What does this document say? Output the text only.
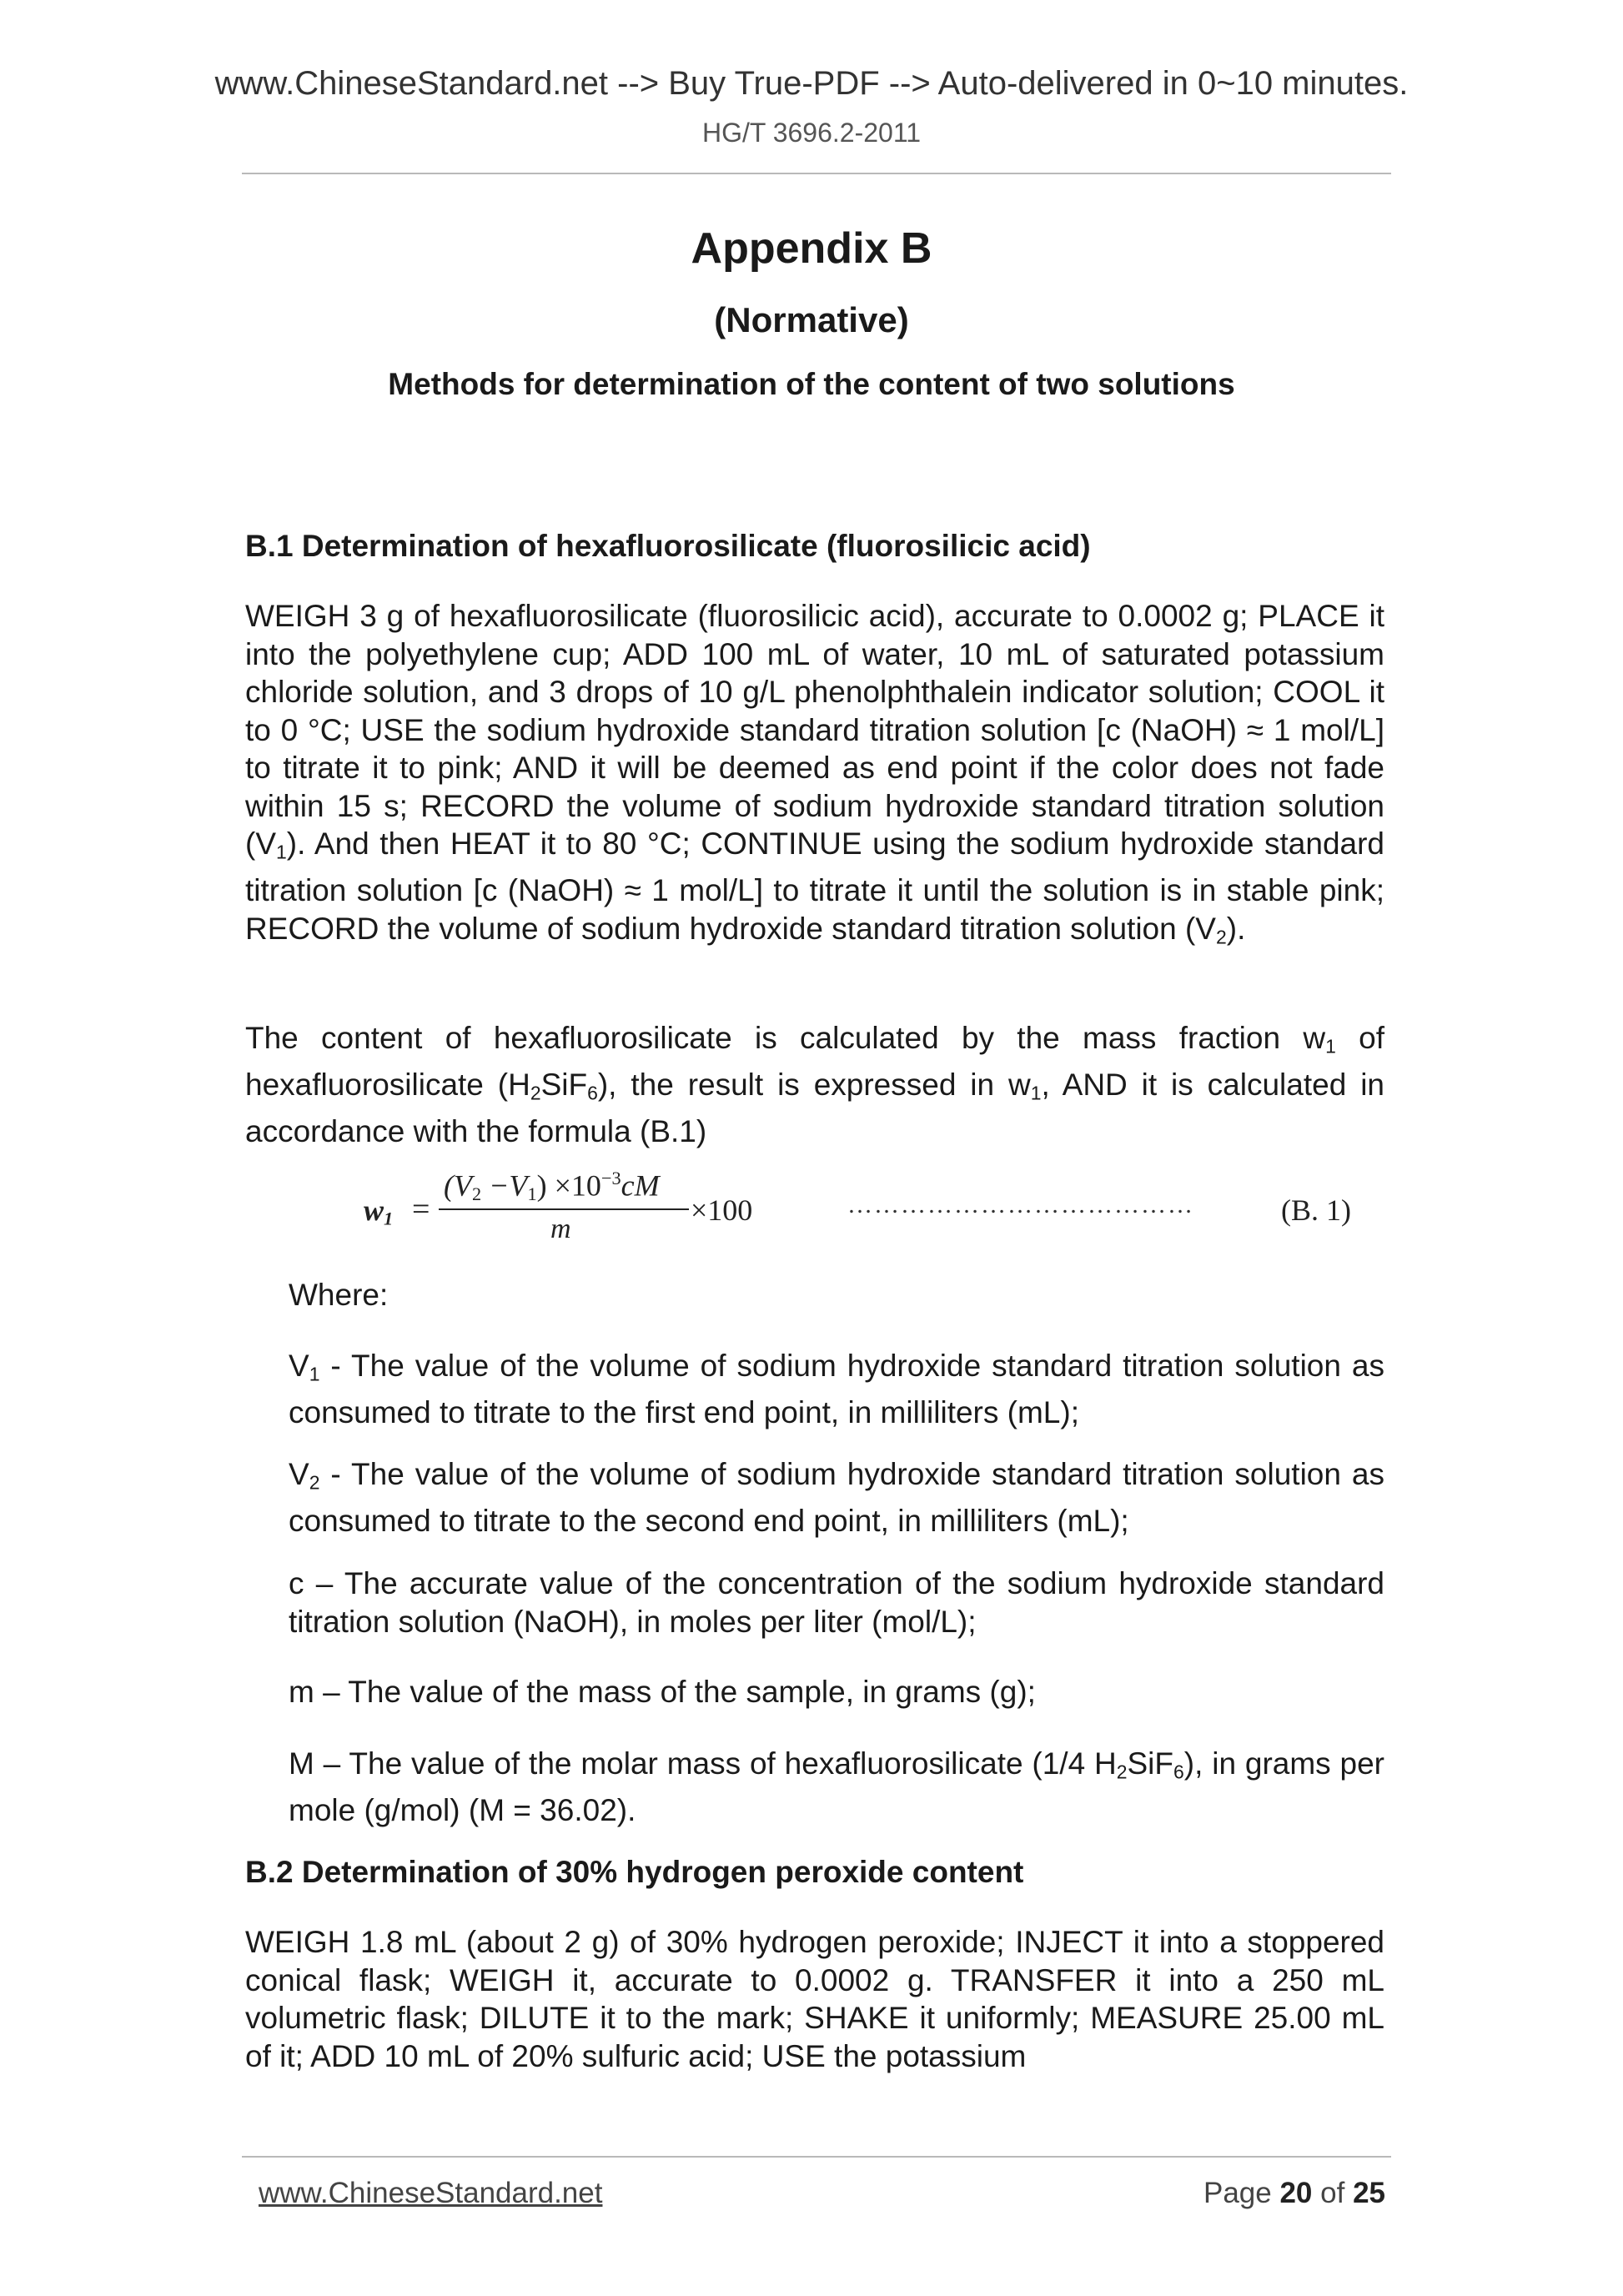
www.ChineseStandard.net --> Buy True-PDF --> Auto-delivered in 0~10 minutes.
HG/T 3696.2-2011
Appendix B
(Normative)
Methods for determination of the content of two solutions
B.1 Determination of hexafluorosilicate (fluorosilicic acid)

WEIGH 3 g of hexafluorosilicate (fluorosilicic acid), accurate to 0.0002 g; PLACE it into the polyethylene cup; ADD 100 mL of water, 10 mL of saturated potassium chloride solution, and 3 drops of 10 g/L phenolphthalein indicator solution; COOL it to 0 °C; USE the sodium hydroxide standard titration solution [c (NaOH) ≈ 1 mol/L] to titrate it to pink; AND it will be deemed as end point if the color does not fade within 15 s; RECORD the volume of sodium hydroxide standard titration solution $(V_1)$. And then HEAT it to 80 °C; CONTINUE using the sodium hydroxide standard titration solution [c (NaOH) ≈ 1 mol/L] to titrate it until the solution is in stable pink; RECORD the volume of sodium hydroxide standard titration solution $(V_2)$.

The content of hexafluorosilicate is calculated by the mass fraction $w_1$ of hexafluorosilicate $(H_2SiF_6)$, the result is expressed in $w_1$, AND it is calculated in accordance with the formula (B.1)

$w_1$ =
$(V_2 -V_1) \times 10^{-3}cM$
m
×100	…………………………………	(B. 1)
Where:

$V_1$ - The value of the volume of sodium hydroxide standard titration solution as consumed to titrate to the first end point, in milliliters (mL);

$V_2$ - The value of the volume of sodium hydroxide standard titration solution as consumed to titrate to the second end point, in milliliters (mL);

c – The accurate value of the concentration of the sodium hydroxide standard titration solution (NaOH), in moles per liter (mol/L);

m – The value of the mass of the sample, in grams (g);

M – The value of the molar mass of hexafluorosilicate (1/4 $H_2SiF_6$), in grams per mole (g/mol) (M = 36.02).

B.2 Determination of 30% hydrogen peroxide content

WEIGH 1.8 mL (about 2 g) of 30% hydrogen peroxide; INJECT it into a stoppered conical flask; WEIGH it, accurate to 0.0002 g. TRANSFER it into a 250 mL volumetric flask; DILUTE it to the mark; SHAKE it uniformly; MEASURE 25.00 mL of it; ADD 10 mL of 20% sulfuric acid; USE the potassium

www.ChineseStandard.net	Page 20 of 25
